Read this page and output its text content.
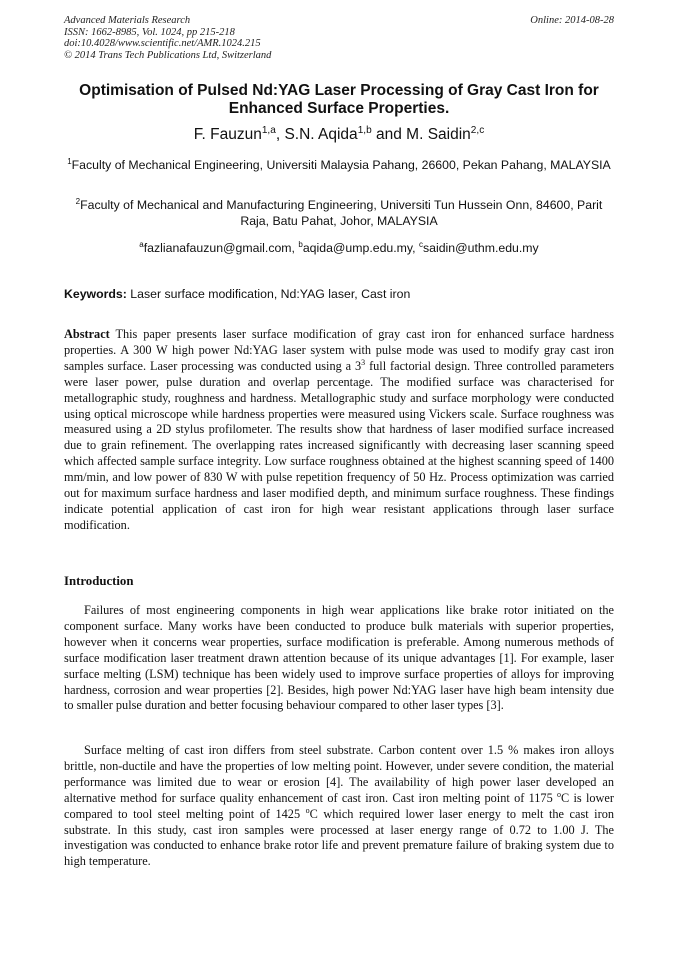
Advanced Materials Research
ISSN: 1662-8985, Vol. 1024, pp 215-218
doi:10.4028/www.scientific.net/AMR.1024.215
© 2014 Trans Tech Publications Ltd, Switzerland
Online: 2014-08-28
Optimisation of Pulsed Nd:YAG Laser Processing of Gray Cast Iron for
Enhanced Surface Properties.
F. Fauzun$^{1,a}$, S.N. Aqida$^{1,b}$ and M. Saidin$^{2,c}$
$^1$Faculty of Mechanical Engineering, Universiti Malaysia Pahang, 26600, Pekan Pahang, MALAYSIA
$^2$Faculty of Mechanical and Manufacturing Engineering, Universiti Tun Hussein Onn, 84600, Parit Raja, Batu Pahat, Johor, MALAYSIA
$^a$fazlianafauzun@gmail.com, $^b$aqida@ump.edu.my, $^c$saidin@uthm.edu.my
Keywords: Laser surface modification, Nd:YAG laser, Cast iron
Abstract This paper presents laser surface modification of gray cast iron for enhanced surface hardness properties. A 300 W high power Nd:YAG laser system with pulse mode was used to modify gray cast iron samples surface. Laser processing was conducted using a $3^3$ full factorial design. Three controlled parameters were laser power, pulse duration and overlap percentage. The modified surface was characterised for metallographic study, roughness and hardness. Metallographic study and surface morphology were conducted using optical microscope while hardness properties were measured using Vickers scale. Surface roughness was measured using a 2D stylus profilometer. The results show that hardness of laser modified surface increased due to grain refinement. The overlapping rates increased significantly with decreasing laser scanning speed which affected sample surface integrity. Low surface roughness obtained at the highest scanning speed of 1400 mm/min, and low power of 830 W with pulse repetition frequency of 50 Hz. Process optimization was carried out for maximum surface hardness and laser modified depth, and minimum surface roughness. These findings indicate potential application of cast iron for high wear resistant applications through laser surface modification.
Introduction
Failures of most engineering components in high wear applications like brake rotor initiated on the component surface. Many works have been conducted to produce bulk materials with superior properties, however when it concerns wear properties, surface modification is preferable. Among numerous methods of surface modification laser treatment drawn attention because of its unique advantages [1]. For example, laser surface melting (LSM) technique has been widely used to improve surface properties of alloys for improving hardness, corrosion and wear properties [2]. Besides, high power Nd:YAG laser have high beam intensity due to smaller pulse duration and better focusing behaviour compared to other laser types [3].
Surface melting of cast iron differs from steel substrate. Carbon content over 1.5 % makes iron alloys brittle, non-ductile and have the properties of low melting point. However, under severe condition, the material performance was limited due to wear or erosion [4]. The availability of high power laser developed an alternative method for surface quality enhancement of cast iron. Cast iron melting point of 1175 $^o$C is lower compared to tool steel melting point of 1425 $^o$C which required lower laser energy to melt the cast iron substrate. In this study, cast iron samples were processed at laser energy range of 0.72 to 1.00 J. The investigation was conducted to enhance brake rotor life and prevent premature failure of braking system due to high temperature.
